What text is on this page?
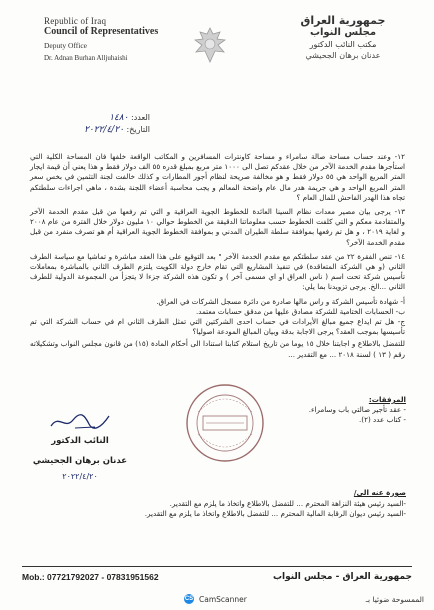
Republic of Iraq
Council of Representatives
Deputy Office
Dr. Adnan Burhan Alljuhaishi
جمهورية العراق
مجلس النواب
مكتب النائب الدكتور
عدنان برهان الجحيشي
العدد: ١٤٨٠
التاريخ: ٢٠٢٢/٤/٢٠

١٢- وعند حساب مساحة صالة سامراء و مساحة كاونترات المسافرين و المكاتب الواقعة خلفها فان المساحة الكلية التي استأجرها مقدم الخدمة الآخر من خلال عقدكم تصل الى ١٠٠٠ متر مربع بمبلغ قدره ٥٥ الف دولار فقط و هذا يعني أن قيمة ايجار المتر المربع الواحد هي ٥٥ دولار فقط و هو مخالفة صريحة لنظام أجور المطارات و كذلك خالفت لجنة التثمين في بخس سعر المتر المربع الواحد و هي جريمة هدر مال عام واضحة المعالم و يجب محاسبة أعضاء اللجنة بشدة ، ماهي اجراءات سلطتكم تجاه هذا الهدر الفاحش للمال العام ؟

١٣- يرجى بيان مصير معدات نظام السينا العائدة للخطوط الجوية العراقية و التي تم رفعها من قبل مقدم الخدمة الآخر والمتقادمة معكم و التي كلفت الخطوط حسب معلوماتنا الدقيقة من الخطوط حوالي ١٠ مليون دولار خلال الفترة من عام ٢٠٠٨ و لغاية ٢٠١٩ ، و هل تم رفعها بموافقة سلطة الطيران المدني و بموافقة الخطوط الجوية العراقية أم هو تصرف منفرد من قبل مقدم الخدمة الآخر؟

١٤- تنص الفقرة ٢٢ من عقد سلطتكم مع مقدم الخدمة الآخر " بعد التوقيع على هذا العقد مباشرة و تماشيا مع سياسة الطرف الثاني (و هي الشركة المتعاقدة) في تنفيذ المشاريع التي تقام خارج دولة الكويت يلتزم الطرف الثاني بالمباشرة بمعاملات تأسيس شركة تحت اسم ( ناس العراق او اي مسمى آخر ) و تكون هذه الشركة جزءا لا يتجزأ من المجموعة الدولية للطرف الثاني ...الخ. يرجى تزويدنا بما يلي:

أ- شهادة تأسيس الشركة و راس مالها صادرة من دائرة مسجل الشركات في العراق.

ب- الحسابات الختامية للشركة مصادق عليها من مدقق حسابات معتمد.

ج- هل تم ايداع جميع مبالغ الأيرادات في حساب احدى الشركتين التي تمثل الطرف الثاني ام في حساب الشركة التي تم تأسيسها بموجب العقد؟ يرجى الاجابة بدقة وبيان المبالغ المودعة اصوليا؟

للتفضل بالاطلاع و اجابتنا خلال ١٥ يوما من تاريخ استلام كتابنا استنادا الى أحكام المادة (١٥) من قانون مجلس النواب وتشكيلاته رقم ( ١٣ ) لسنة ٢٠١٨ ... مع التقدير ...

المرفقات:
- عقد تأجير صالتي باب وسامراء.
- كتاب عدد (٢).
النائب الدكتور
عدنان برهان الجحيشي
٢٠٢٢/٤/٢٠
صورة عنه الى/
-السيد رئيس هيئة النزاهة المحترم ... للتفضل بالاطلاع واتخاذ ما يلزم مع التقدير.
-السيد رئيس ديوان الرقابة المالية المحترم ... للتفضل بالاطلاع واتخاذ ما يلزم مع التقدير.
Mob.: 07721792027 - 07831951562	جمهورية العراق - مجلس النواب
CS CamScanner	الممسوحة ضوئيا بـ
